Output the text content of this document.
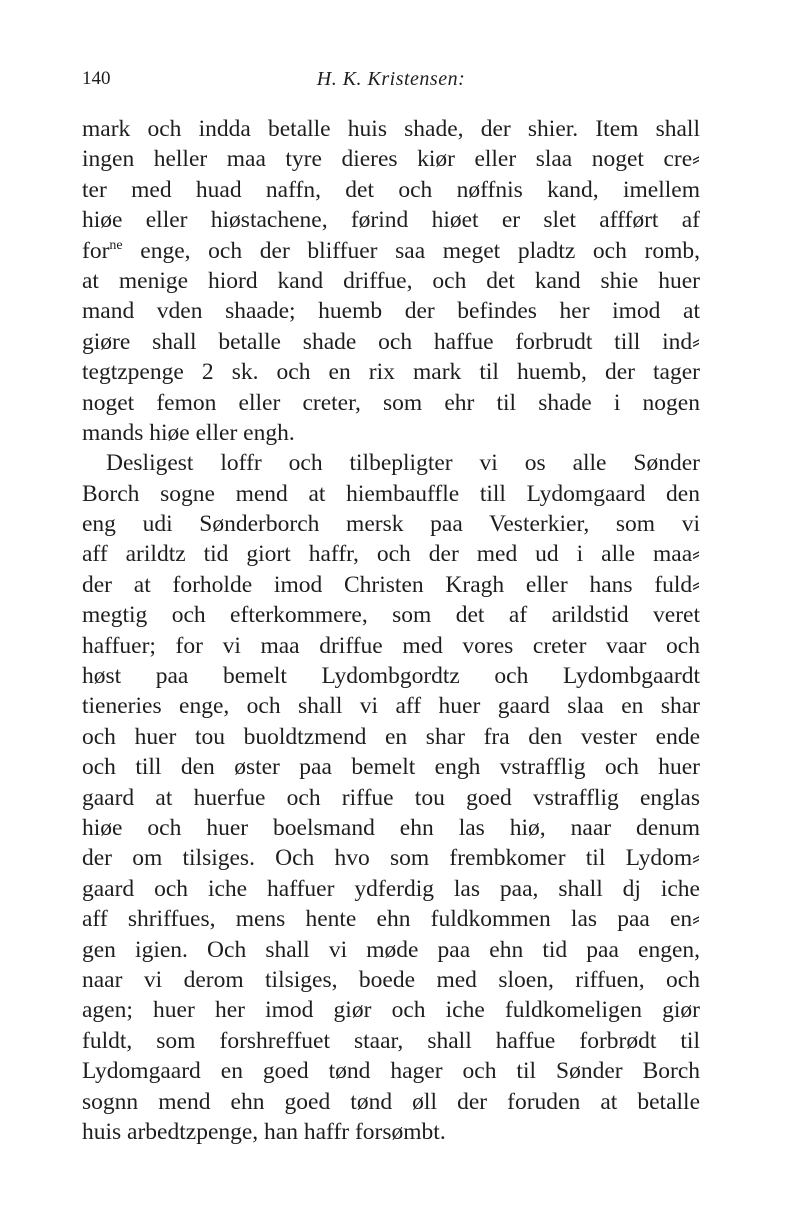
140	H. K. Kristensen:
mark och indda betalle huis shade, der shier. Item shall
ingen heller maa tyre dieres kiør eller slaa noget cre⸗
ter med huad naffn, det och nøffnis kand, imellem
hiøe eller hiøstachene, førind hiøet er slet affført af
for$^{ne}$ enge, och der bliffuer saa meget pladtz och romb,
at menige hiord kand driffue, och det kand shie huer
mand vden shaade; huemb der befindes her imod at
giøre shall betalle shade och haffue forbrudt till ind⸗
tegtzpenge 2 sk. och en rix mark til huemb, der tager
noget femon eller creter, som ehr til shade i nogen
mands hiøe eller engh.
Desligest loffr och tilbepligter vi os alle Sønder
Borch sogne mend at hiembauffle till Lydomgaard den
eng udi Sønderborch mersk paa Vesterkier, som vi
aff arildtz tid giort haffr, och der med ud i alle maa⸗
der at forholde imod Christen Kragh eller hans fuld⸗
megtig och efterkommere, som det af arildstid veret
haffuer; for vi maa driffue med vores creter vaar och
høst paa bemelt Lydombgordtz och Lydombgaardt
tieneries enge, och shall vi aff huer gaard slaa en shar
och huer tou buoldtzmend en shar fra den vester ende
och till den øster paa bemelt engh vstrafflig och huer
gaard at huerfue och riffue tou goed vstrafflig englas
hiøe och huer boelsmand ehn las hiø, naar denum
der om tilsiges. Och hvo som frembkomer til Lydom⸗
gaard och iche haffuer ydferdig las paa, shall dj iche
aff shriffues, mens hente ehn fuldkommen las paa en⸗
gen igien. Och shall vi møde paa ehn tid paa engen,
naar vi derom tilsiges, boede med sloen, riffuen, och
agen; huer her imod giør och iche fuldkomeligen giør
fuldt, som forshreffuet staar, shall haffue forbrødt til
Lydomgaard en goed tønd hager och til Sønder Borch
sognn mend ehn goed tønd øll der foruden at betalle
huis arbedtzpenge, han haffr forsømbt.
